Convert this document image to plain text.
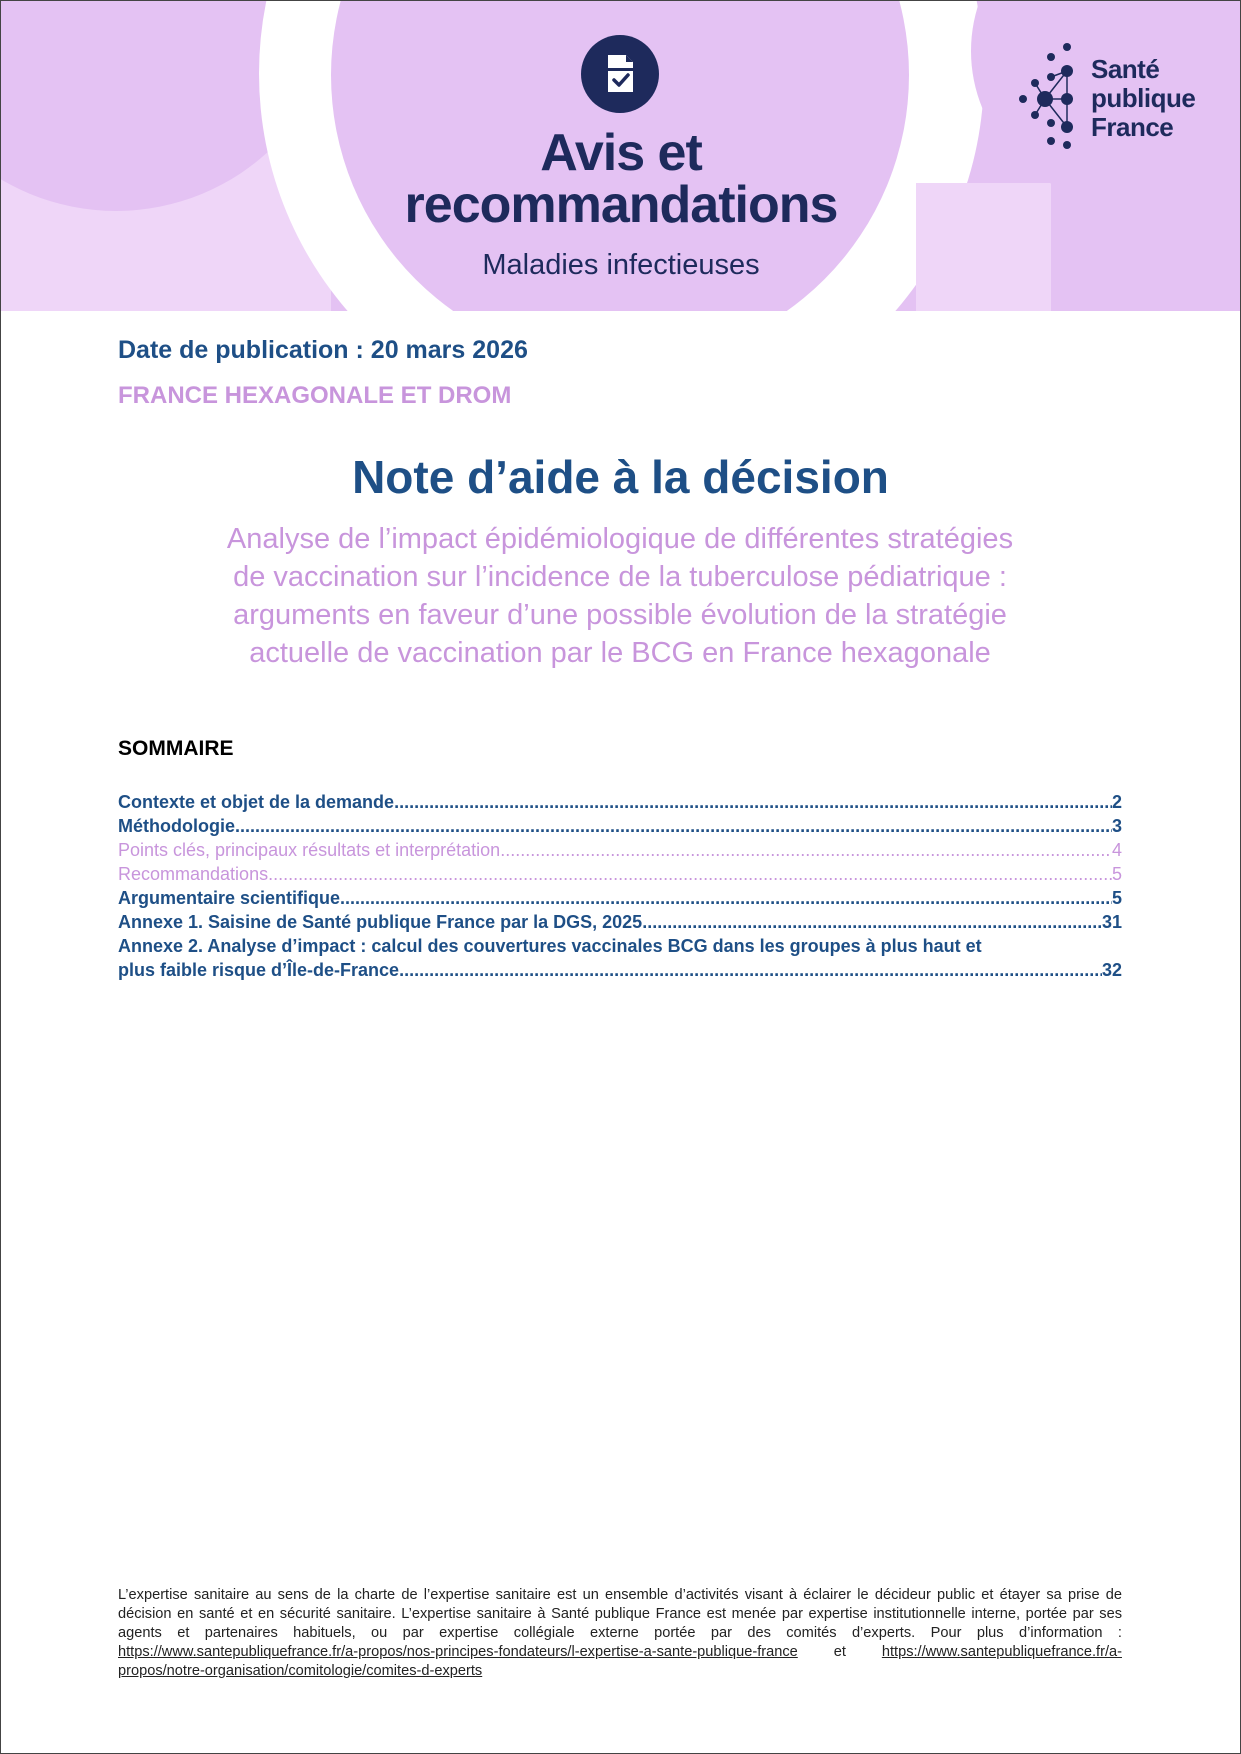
Avis et
recommandations
Maladies infectieuses
Santé
publique
France
Date de publication : 20 mars 2026
FRANCE HEXAGONALE ET DROM
Note d’aide à la décision
Analyse de l’impact épidémiologique de différentes stratégies
de vaccination sur l’incidence de la tuberculose pédiatrique :
arguments en faveur d’une possible évolution de la stratégie
actuelle de vaccination par le BCG en France hexagonale
SOMMAIRE
Contexte et objet de la demande .....	2
Méthodologie .....	3
Points clés, principaux résultats et interprétation .....	4
Recommandations .....	5
Argumentaire scientifique .....	5
Annexe 1. Saisine de Santé publique France par la DGS, 2025 .....	31
Annexe 2. Analyse d’impact : calcul des couvertures vaccinales BCG dans les groupes à plus haut et
plus faible risque d’Île-de-France .....	32
L’expertise sanitaire au sens de la charte de l’expertise sanitaire est un ensemble d’activités visant à éclairer le décideur public et étayer sa prise de décision en santé et en sécurité sanitaire. L’expertise sanitaire à Santé publique France est menée par expertise institutionnelle interne, portée par ses agents et partenaires habituels, ou par expertise collégiale externe portée par des comités d’experts. Pour plus d’information : https://www.santepubliquefrance.fr/a-propos/nos-principes-fondateurs/l-expertise-a-sante-publique-france et https://www.santepubliquefrance.fr/a-propos/notre-organisation/comitologie/comites-d-experts
